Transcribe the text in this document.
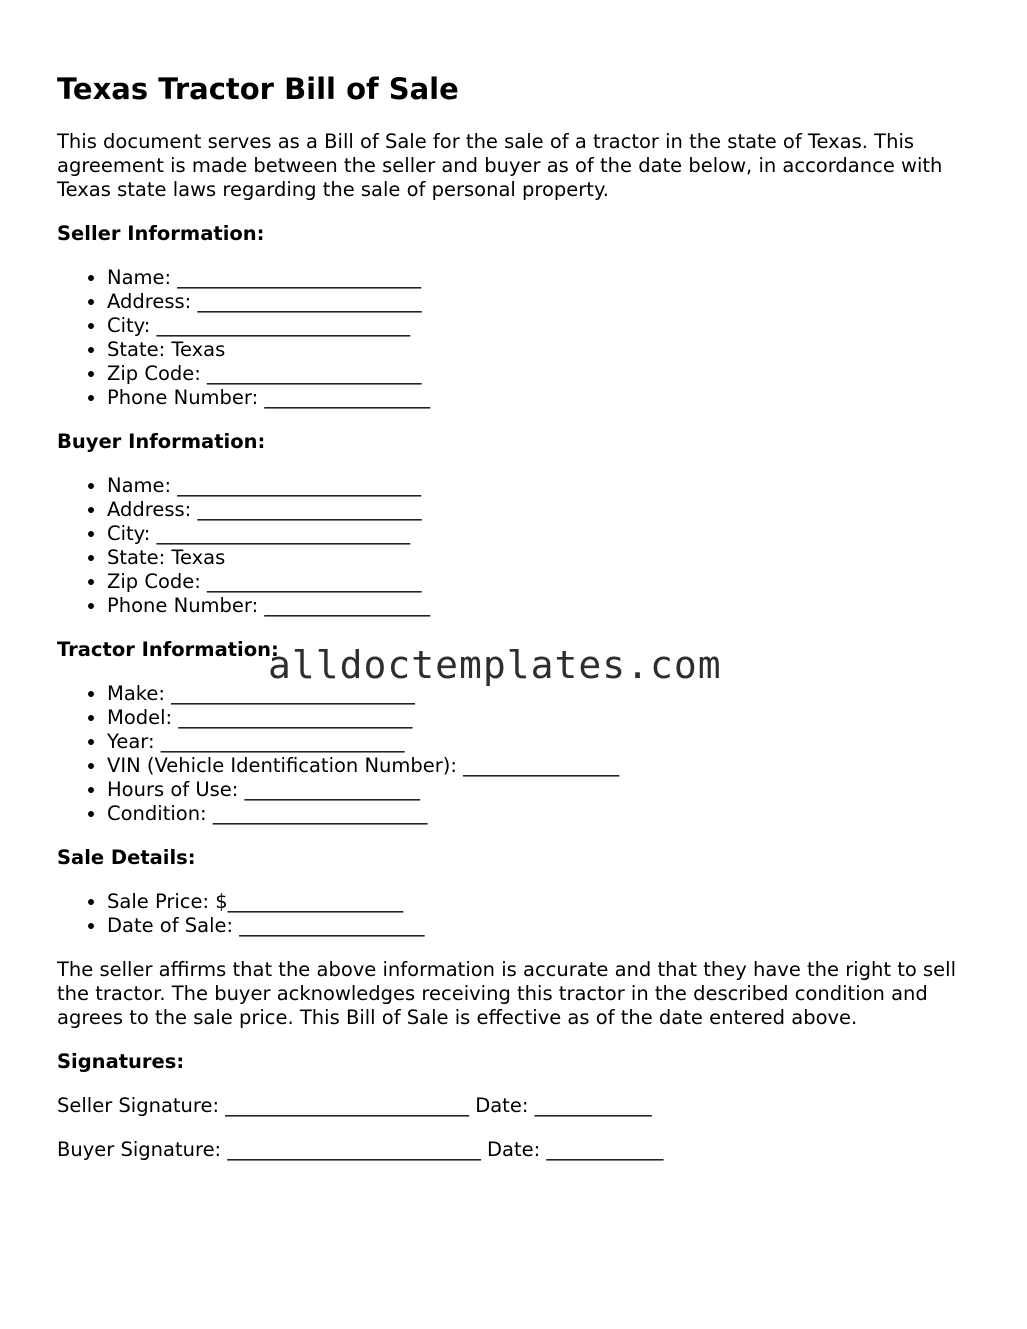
Texas Tractor Bill of Sale

This document serves as a Bill of Sale for the sale of a tractor in the state of Texas. This agreement is made between the seller and buyer as of the date below, in accordance with Texas state laws regarding the sale of personal property.

Seller Information:
• Name: _________________________
• Address: _______________________
• City: __________________________
• State: Texas
• Zip Code: ______________________
• Phone Number: _________________
Buyer Information:
• Name: _________________________
• Address: _______________________
• City: __________________________
• State: Texas
• Zip Code: ______________________
• Phone Number: _________________
Tractor Information:
• Make: _________________________
• Model: ________________________
• Year: _________________________
• VIN (Vehicle Identification Number): ________________
• Hours of Use: __________________
• Condition: ______________________
Sale Details:
• Sale Price: $__________________
• Date of Sale: ___________________

The seller affirms that the above information is accurate and that they have the right to sell the tractor. The buyer acknowledges receiving this tractor in the described condition and agrees to the sale price. This Bill of Sale is effective as of the date entered above.

Signatures:
Seller Signature: _________________________ Date: ____________
Buyer Signature: __________________________ Date: ____________
alldoctemplates.com
